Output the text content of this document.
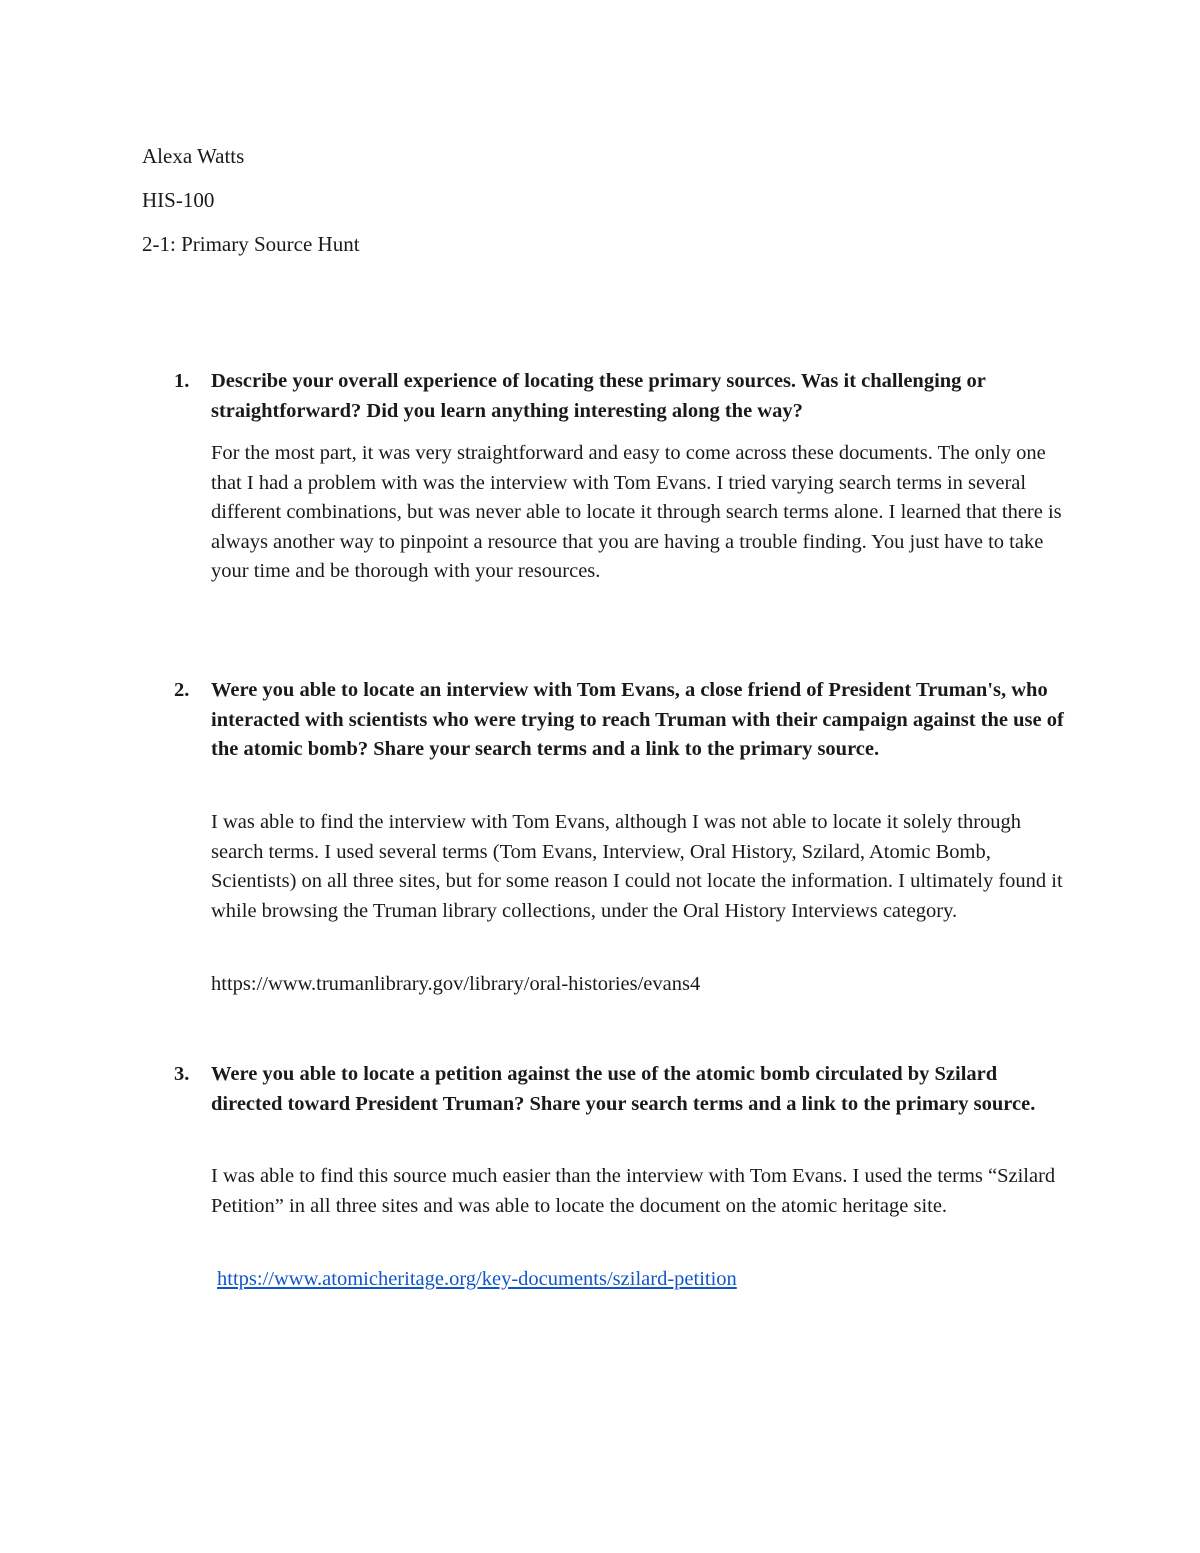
Alexa Watts
HIS-100
2-1: Primary Source Hunt
1. Describe your overall experience of locating these primary sources. Was it challenging or straightforward? Did you learn anything interesting along the way?
For the most part, it was very straightforward and easy to come across these documents. The only one that I had a problem with was the interview with Tom Evans. I tried varying search terms in several different combinations, but was never able to locate it through search terms alone. I learned that there is always another way to pinpoint a resource that you are having a trouble finding. You just have to take your time and be thorough with your resources.
2. Were you able to locate an interview with Tom Evans, a close friend of President Truman's, who interacted with scientists who were trying to reach Truman with their campaign against the use of the atomic bomb? Share your search terms and a link to the primary source.
I was able to find the interview with Tom Evans, although I was not able to locate it solely through search terms. I used several terms (Tom Evans, Interview, Oral History, Szilard, Atomic Bomb, Scientists) on all three sites, but for some reason I could not locate the information. I ultimately found it while browsing the Truman library collections, under the Oral History Interviews category.
https://www.trumanlibrary.gov/library/oral-histories/evans4
3. Were you able to locate a petition against the use of the atomic bomb circulated by Szilard directed toward President Truman? Share your search terms and a link to the primary source.
I was able to find this source much easier than the interview with Tom Evans. I used the terms “Szilard Petition” in all three sites and was able to locate the document on the atomic heritage site.
https://www.atomicheritage.org/key-documents/szilard-petition
